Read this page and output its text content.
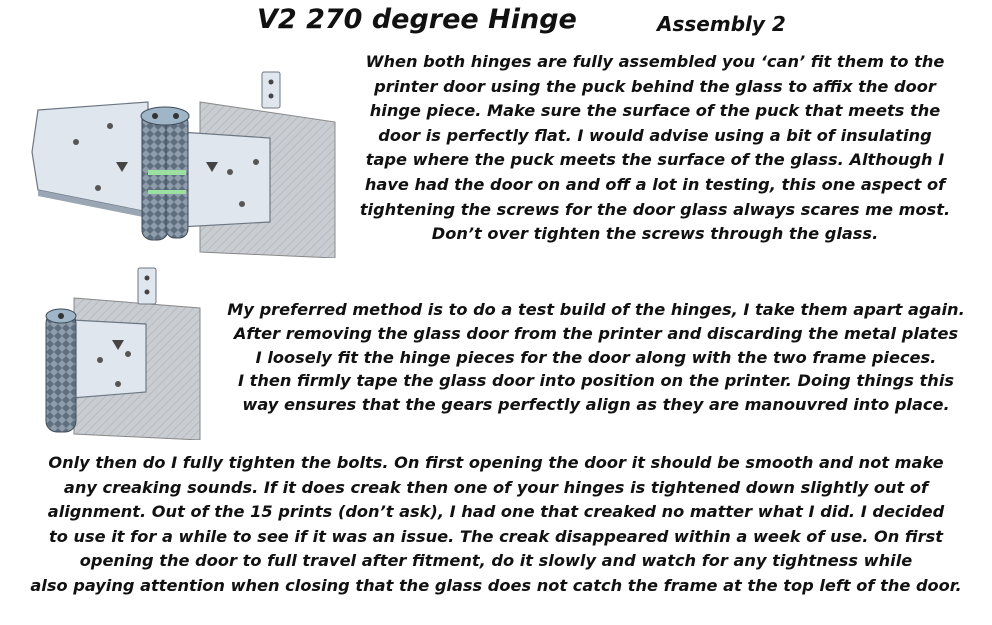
V2 270 degree Hinge	Assembly 2

When both hinges are fully assembled you ‘can’ fit them to the
printer door using the puck behind the glass to affix the door
hinge piece. Make sure the surface of the puck that meets the
door is perfectly flat. I would advise using a bit of insulating
tape where the puck meets the surface of the glass. Although I
have had the door on and off a lot in testing, this one aspect of
tightening the screws for the door glass always scares me most.
Don’t over tighten the screws through the glass.

My preferred method is to do a test build of the hinges, I take them apart again.
After removing the glass door from the printer and discarding the metal plates
I loosely fit the hinge pieces for the door along with the two frame pieces.
I then firmly tape the glass door into position on the printer. Doing things this
way ensures that the gears perfectly align as they are manouvred into place.

Only then do I fully tighten the bolts. On first opening the door it should be smooth and not make
any creaking sounds. If it does creak then one of your hinges is tightened down slightly out of
alignment. Out of the 15 prints (don’t ask), I had one that creaked no matter what I did. I decided
to use it for a while to see if it was an issue. The creak disappeared within a week of use. On first
opening the door to full travel after fitment, do it slowly and watch for any tightness while
also paying attention when closing that the glass does not catch the frame at the top left of the door.
